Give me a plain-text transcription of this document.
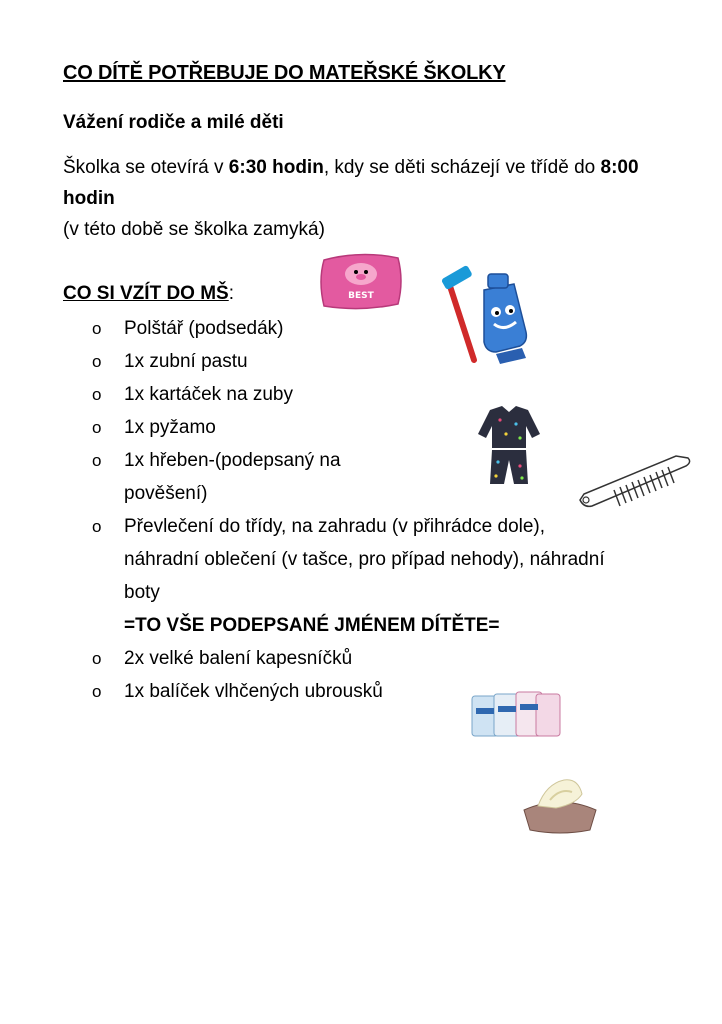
CO DÍTĚ POTŘEBUJE DO MATEŘSKÉ ŠKOLKY
Vážení rodiče a milé děti
Školka se otevírá v 6:30 hodin, kdy se děti scházejí ve třídě do 8:00 hodin
(v této době se školka zamyká)
CO SI VZÍT DO MŠ:
o Polštář (podsedák)
o 1x zubní pastu
o 1x kartáček na zuby
o 1x pyžamo
o 1x hřeben-(podepsaný na pověšení)
o Převlečení do třídy, na zahradu (v přihrádce dole), náhradní oblečení (v tašce, pro případ nehody), náhradní boty
=TO VŠE PODEPSANÉ JMÉNEM DÍTĚTE=
o 2x velké balení kapesníčků
o 1x balíček vlhčených ubrousků
BEST
